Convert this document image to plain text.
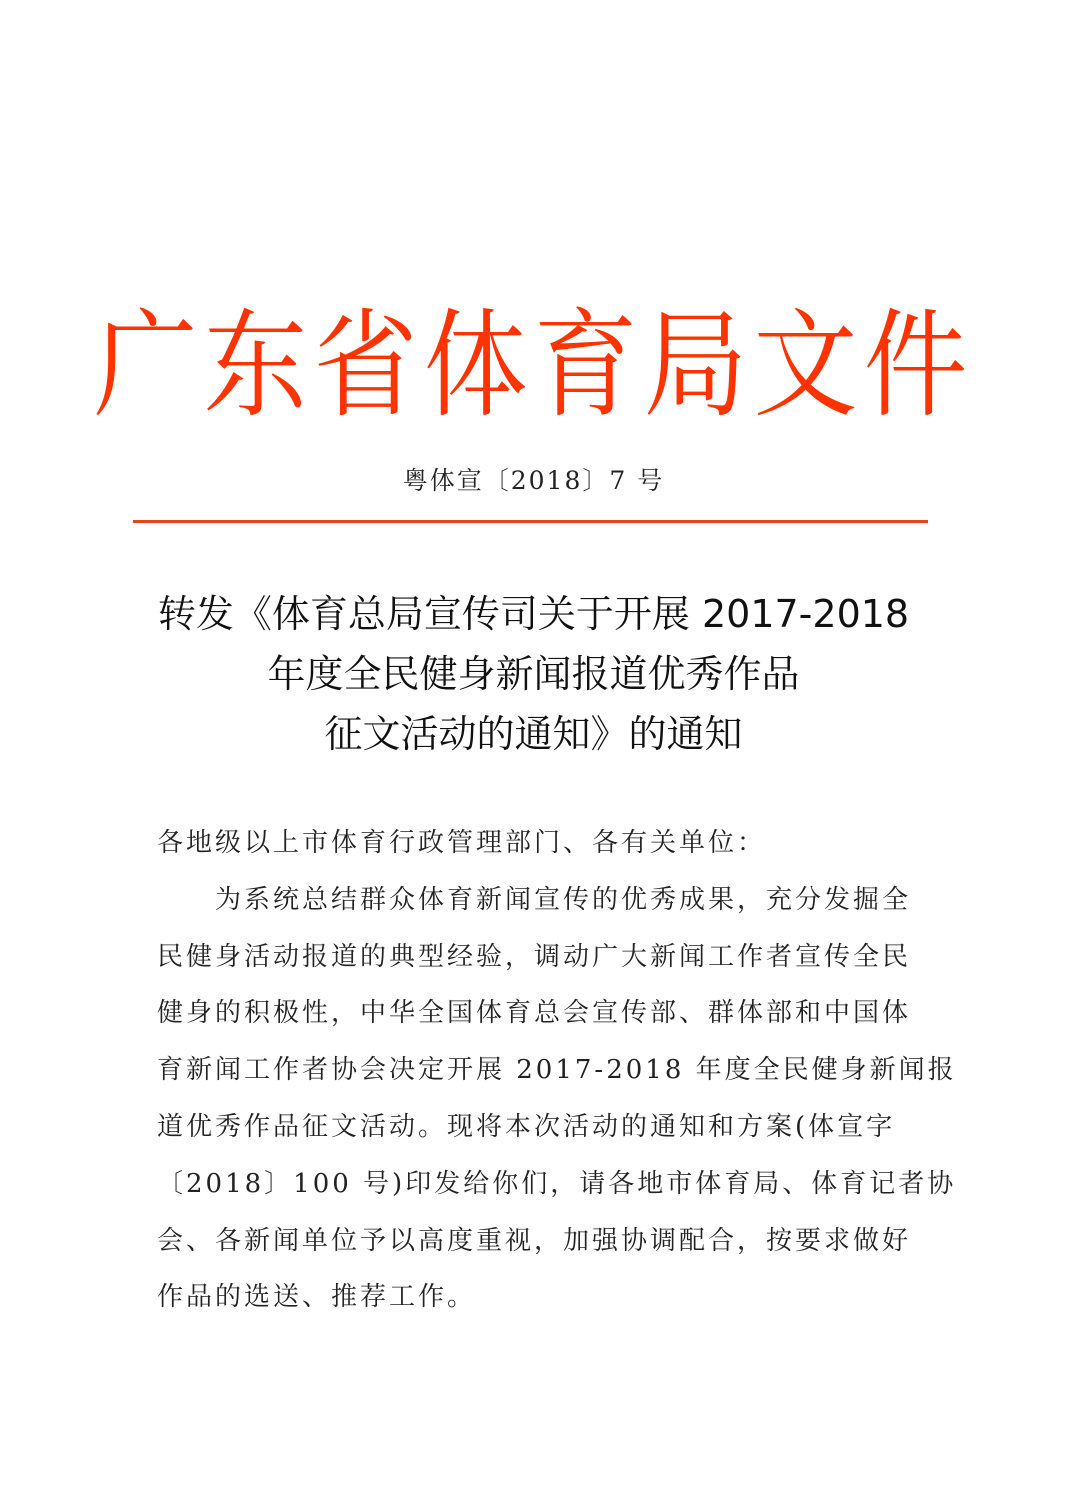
广东省体育局文件
粤体宣〔2018〕7 号
转发《体育总局宣传司关于开展 2017-2018
年度全民健身新闻报道优秀作品
征文活动的通知》的通知
各地级以上市体育行政管理部门、各有关单位：
为系统总结群众体育新闻宣传的优秀成果，充分发掘全
民健身活动报道的典型经验，调动广大新闻工作者宣传全民
健身的积极性，中华全国体育总会宣传部、群体部和中国体
育新闻工作者协会决定开展 2017-2018 年度全民健身新闻报
道优秀作品征文活动。现将本次活动的通知和方案(体宣字
〔2018〕100 号)印发给你们，请各地市体育局、体育记者协
会、各新闻单位予以高度重视，加强协调配合，按要求做好
作品的选送、推荐工作。
